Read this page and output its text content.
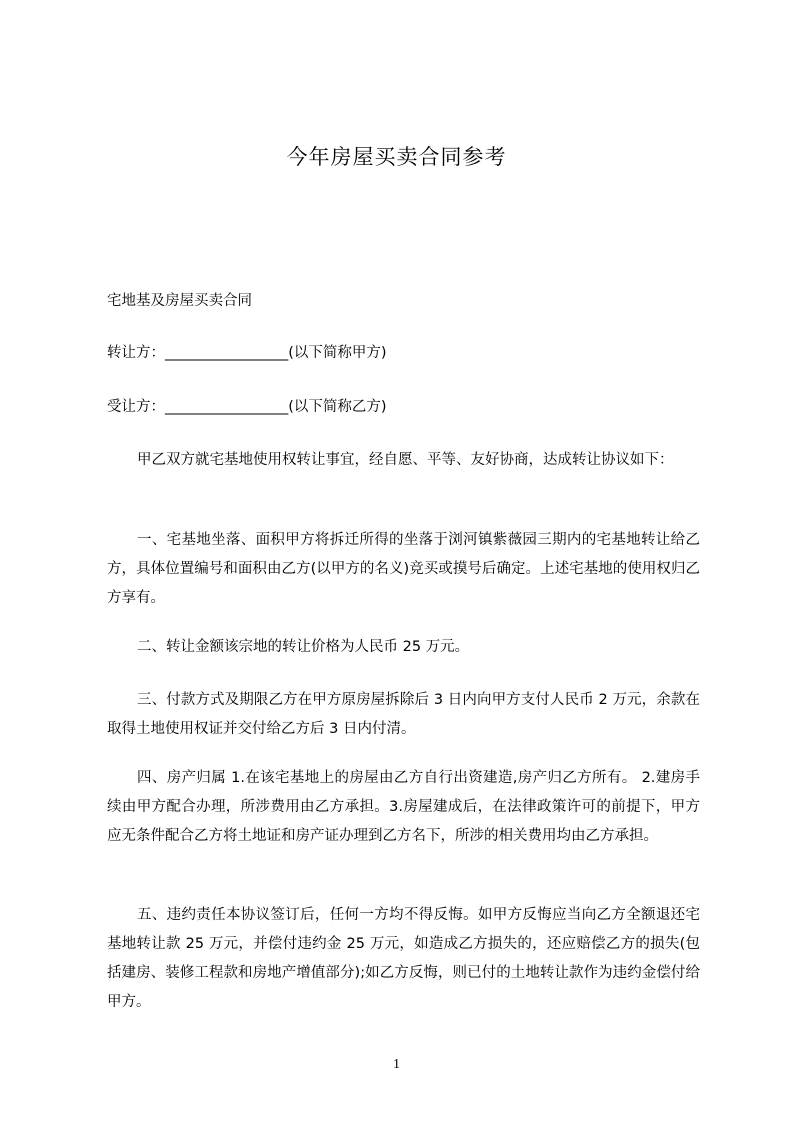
今年房屋买卖合同参考
宅地基及房屋买卖合同
转让方：_________________(以下简称甲方)
受让方：_________________(以下简称乙方)
甲乙双方就宅基地使用权转让事宜，经自愿、平等、友好协商，达成转让协议如下：
一、宅基地坐落、面积甲方将拆迁所得的坐落于浏河镇紫薇园三期内的宅基地转让给乙方，具体位置编号和面积由乙方(以甲方的名义)竞买或摸号后确定。上述宅基地的使用权归乙方享有。
二、转让金额该宗地的转让价格为人民币 25 万元。
三、付款方式及期限乙方在甲方原房屋拆除后 3 日内向甲方支付人民币 2 万元，余款在取得土地使用权证并交付给乙方后 3 日内付清。
四、房产归属 1.在该宅基地上的房屋由乙方自行出资建造,房产归乙方所有。 2.建房手续由甲方配合办理，所涉费用由乙方承担。3.房屋建成后，在法律政策许可的前提下，甲方应无条件配合乙方将土地证和房产证办理到乙方名下，所涉的相关费用均由乙方承担。
五、违约责任本协议签订后，任何一方均不得反悔。如甲方反悔应当向乙方全额退还宅基地转让款 25 万元，并偿付违约金 25 万元，如造成乙方损失的，还应赔偿乙方的损失(包括建房、装修工程款和房地产增值部分);如乙方反悔，则已付的土地转让款作为违约金偿付给甲方。
1
